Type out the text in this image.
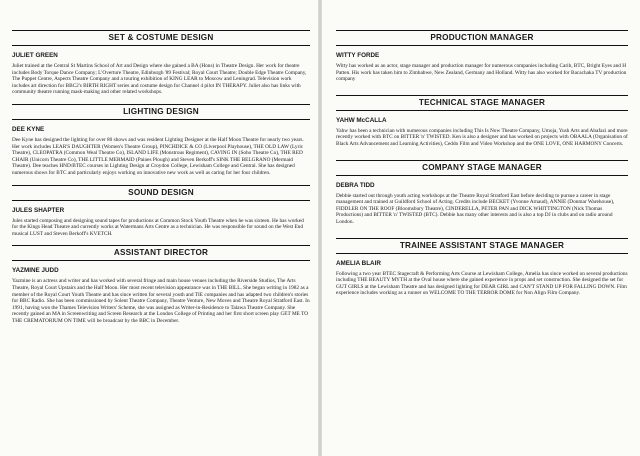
SET & COSTUME DESIGN
JULIET GREEN

Juliet trained at the Central St Martins School of Art and Design where she gained a BA (Hons) in Theatre Design. Her work for theatre includes Body Torque Dance Company; L'Overture Theatre, Edinburgh '89 Festival; Royal Court Theatre; Double Edge Theatre Company, The Puppet Centre, Aspects Theatre Company and a touring exhibition of KING LEAR to Moscow and Leningrad. Television work includes art direction for BBC2's BIRTH RIGHT series and costume design for Channel 4 pilot IN THERAPY. Juliet also has links with community theatre running mask-making and other related workshops.

LIGHTING DESIGN
DEE KYNE

Dee Kyne has designed the lighting for over 80 shows and was resident Lighting Designer at the Half Moon Theatre for nearly two years. Her work includes LEAR'S DAUGHTER (Women's Theatre Group), PINCHDICE & CO (Liverpool Playhouse), THE OLD LAW (Lyric Theatre), CLEOPATRA (Common Weal Theatre Co), ISLAND LIFE (Monstrous Regiment), CAVING IN (Soho Theatre Co), THE RED CHAIR (Unicorn Theatre Co), THE LITTLE MERMAID (Paines Plough) and Steven Berkoff's SINK THE BELGRANO (Mermaid Theatre). Dee teaches HND/BTEC courses in Lighting Design at Croydon College, Lewisham College and Central. She has designed numerous shows for BTC and particularly enjoys working on innovative new work as well as caring for her four children.

SOUND DESIGN
JULES SHAPTER

Jules started composing and designing sound tapes for productions at Common Stock Youth Theatre when he was sixteen. He has worked for the Kings Head Theatre and currently works at Watermans Arts Centre as a technician. He was responsible for sound on the West End musical LUST and Steven Berkoff's KVETCH.

ASSISTANT DIRECTOR
YAZMINE JUDD

Yazmine is an actress and writer and has worked with several fringe and main house venues including the Riverside Studios, The Arts Theatre, Royal Court Upstairs and the Half Moon. Her most recent television appearance was in THE BILL. She began writing in 1982 as a member of the Royal Court Youth Theatre and has since written for several youth and TIE companies and has adapted two children's stories for BBC Radio. She has been commissioned by Solent Theatre Company, Theatre Venture, New Moves and Theatre Royal Stratford East. In 1991, having won the Thames Television Writers' Scheme, she was assigned as Writer-in-Residence to Talawa Theatre Company. She recently gained an MA in Screenwriting and Screen Research at the London College of Printing and her first short screen play GET ME TO THE CREMATORIUM ON TIME will be broadcast by the BBC in December.

PRODUCTION MANAGER
WITTY FORDE

Witty has worked as an actor, stage manager and production manager for numerous companies including Carib, BTC, Bright Eyes and H Patten. His work has taken him to Zimbabwe, New Zealand, Germany and Holland. Witty has also worked for Bacachaka TV production company

TECHNICAL STAGE MANAGER
YAHW McCALLA

Yahw has been a technician with numerous companies including This Is Now Theatre Company, Umoja, Yush Arts and Abafazi and more recently worked with BTC on BITTER 'n' TWISTED. Ken is also a designer and has worked on projects with OBAALA (Organisation of Black Arts Advancement and Learning Activities), Ceddo Film and Video Workshop and the ONE LOVE, ONE HARMONY Concerts.

COMPANY STAGE MANAGER
DEBRA TIDD

Debbie started out through youth acting workshops at the Theatre Royal Stratford East before deciding to pursue a career in stage management and trained at Guildford School of Acting. Credits include BECKET (Yvonne Arnaud), ANNIE (Donmar Warehouse), FIDDLER ON THE ROOF (Bloomsbury Theatre), CINDERELLA, PETER PAN and DICK WHITTINGTON (Nick Thomas Productions) and BITTER 'n' TWISTED (BTC). Debbie has many other interests and is also a top DJ in clubs and on radio around London.

TRAINEE ASSISTANT STAGE MANAGER
AMELIA BLAIR

Following a two year BTEC Stagecraft & Performing Arts Course at Lewisham College, Amelia has since worked on several productions including THE BEAUTY MYTH at the Oval house where she gained experience in props and set construction. She designed the set for GUT GIRLS at the Lewisham Theatre and has designed lighting for DEAR GIRL and CAN'T STAND UP FOR FALLING DOWN. Film experience includes working as a runner on WELCOME TO THE TERROR DOME for Non Align Film Company.
